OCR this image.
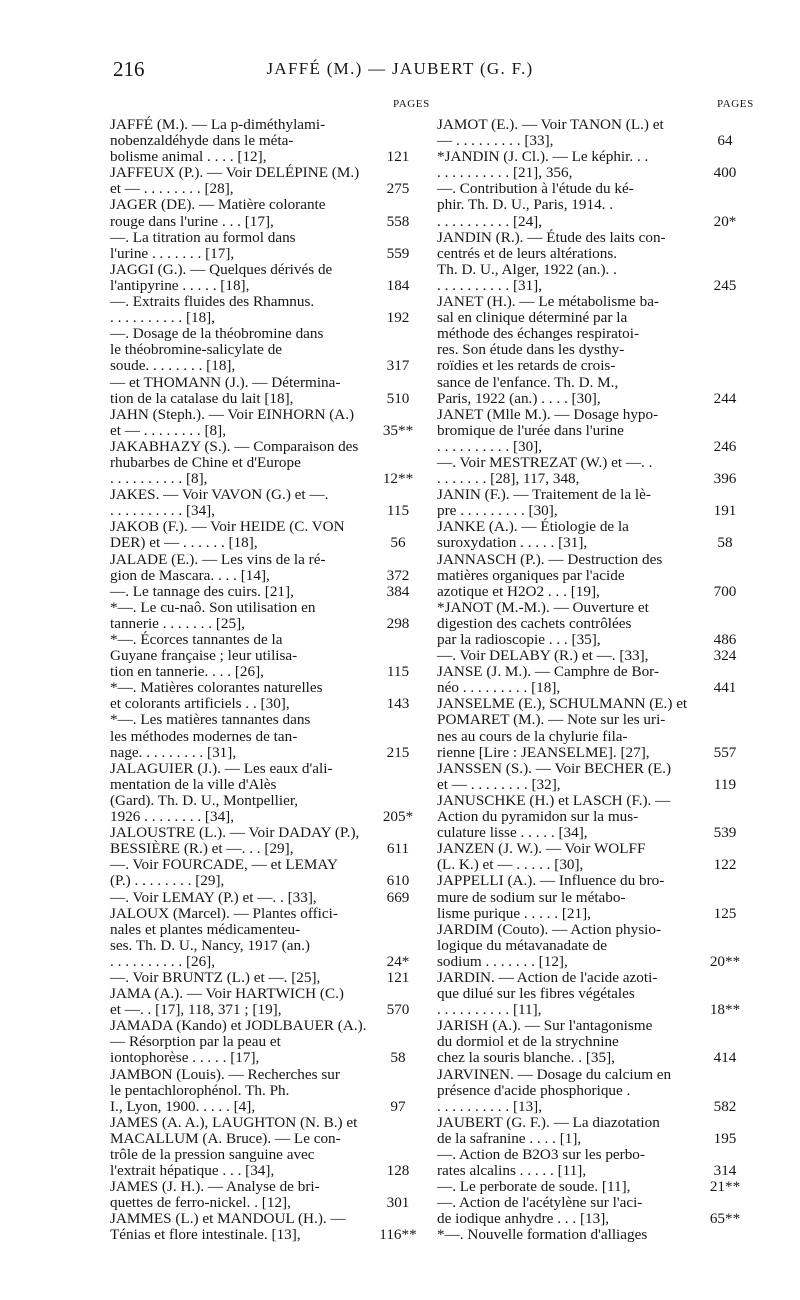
216	JAFFÉ (M.) — JAUBERT (G. F.)
PAGES	PAGES
JAFFÉ (M.). — La p-diméthylami-
nobenzaldéhyde dans le méta-
bolisme animal . . . . [12],	121
JAFFEUX (P.). — Voir DELÉPINE (M.)
et — . . . . . . . . [28],	275
JAGER (DE). — Matière colorante
rouge dans l'urine . . . [17],	558
—. La titration au formol dans
l'urine . . . . . . . [17],	559
JAGGI (G.). — Quelques dérivés de
l'antipyrine . . . . . [18],	184
—. Extraits fluides des Rhamnus.
. . . . . . . . . . [18],	192
—. Dosage de la théobromine dans
le théobromine-salicylate de
soude. . . . . . . . [18],	317
— et THOMANN (J.). — Détermina-
tion de la catalase du lait [18],	510
JAHN (Steph.). — Voir EINHORN (A.)
et — . . . . . . . . [8],	35**
JAKABHAZY (S.). — Comparaison des
rhubarbes de Chine et d'Europe
. . . . . . . . . . [8],	12**
JAKES. — Voir VAVON (G.) et —.
. . . . . . . . . . [34],	115
JAKOB (F.). — Voir HEIDE (C. VON
DER) et — . . . . . . [18],	56
JALADE (E.). — Les vins de la ré-
gion de Mascara. . . . [14],	372
—. Le tannage des cuirs. [21],	384
*—. Le cu-naô. Son utilisation en
tannerie . . . . . . . [25],	298
*—. Écorces tannantes de la
Guyane française ; leur utilisa-
tion en tannerie. . . . [26],	115
*—. Matières colorantes naturelles
et colorants artificiels . . [30],	143
*—. Les matières tannantes dans
les méthodes modernes de tan-
nage. . . . . . . . . [31],	215
JALAGUIER (J.). — Les eaux d'ali-
mentation de la ville d'Alès
(Gard). Th. D. U., Montpellier,
1926 . . . . . . . . [34],	205*
JALOUSTRE (L.). — Voir DADAY (P.),
BESSIÈRE (R.) et —. . . [29],	611
—. Voir FOURCADE, — et LEMAY
(P.) . . . . . . . . [29],	610
—. Voir LEMAY (P.) et —. . [33],	669
JALOUX (Marcel). — Plantes offici-
nales et plantes médicamenteu-
ses. Th. D. U., Nancy, 1917 (an.)
. . . . . . . . . . [26],	24*
—. Voir BRUNTZ (L.) et —. [25],	121
JAMA (A.). — Voir HARTWICH (C.)
et —. . [17], 118, 371 ; [19],	570
JAMADA (Kando) et JODLBAUER (A.).
— Résorption par la peau et
iontophorèse . . . . . [17],	58
JAMBON (Louis). — Recherches sur
le pentachlorophénol. Th. Ph.
I., Lyon, 1900. . . . . [4],	97
JAMES (A. A.), LAUGHTON (N. B.) et
MACALLUM (A. Bruce). — Le con-
trôle de la pression sanguine avec
l'extrait hépatique . . . [34],	128
JAMES (J. H.). — Analyse de bri-
quettes de ferro-nickel. . [12],	301
JAMMES (L.) et MANDOUL (H.). —
Ténias et flore intestinale. [13],	116**
JAMOT (E.). — Voir TANON (L.) et
— . . . . . . . . . [33],	64
*JANDIN (J. Cl.). — Le képhir. . .
. . . . . . . . . . [21], 356,	400
—. Contribution à l'étude du ké-
phir. Th. D. U., Paris, 1914. .
. . . . . . . . . . [24],	20*
JANDIN (R.). — Étude des laits con-
centrés et de leurs altérations.
Th. D. U., Alger, 1922 (an.). .
. . . . . . . . . . [31],	245
JANET (H.). — Le métabolisme ba-
sal en clinique déterminé par la
méthode des échanges respiratoi-
res. Son étude dans les dysthy-
roïdies et les retards de crois-
sance de l'enfance. Th. D. M.,
Paris, 1922 (an.) . . . . [30],	244
JANET (Mlle M.). — Dosage hypo-
bromique de l'urée dans l'urine
. . . . . . . . . . [30],	246
—. Voir MESTREZAT (W.) et —. .
. . . . . . . [28], 117, 348,	396
JANIN (F.). — Traitement de la lè-
pre . . . . . . . . . [30],	191
JANKE (A.). — Étiologie de la
suroxydation . . . . . [31],	58
JANNASCH (P.). — Destruction des
matières organiques par l'acide
azotique et H2O2 . . . [19],	700
*JANOT (M.-M.). — Ouverture et
digestion des cachets contrôlées
par la radioscopie . . . [35],	486
—. Voir DELABY (R.) et —. [33],	324
JANSE (J. M.). — Camphre de Bor-
néo . . . . . . . . . [18],	441
JANSELME (E.), SCHULMANN (E.) et
POMARET (M.). — Note sur les uri-
nes au cours de la chylurie fila-
rienne [Lire : JEANSELME]. [27],	557
JANSSEN (S.). — Voir BECHER (E.)
et — . . . . . . . . [32],	119
JANUSCHKE (H.) et LASCH (F.). —
Action du pyramidon sur la mus-
culature lisse . . . . . [34],	539
JANZEN (J. W.). — Voir WOLFF
(L. K.) et — . . . . . [30],	122
JAPPELLI (A.). — Influence du bro-
mure de sodium sur le métabo-
lisme purique . . . . . [21],	125
JARDIM (Couto). — Action physio-
logique du métavanadate de
sodium . . . . . . . [12],	20**
JARDIN. — Action de l'acide azoti-
que dilué sur les fibres végétales
. . . . . . . . . . [11],	18**
JARISH (A.). — Sur l'antagonisme
du dormiol et de la strychnine
chez la souris blanche. . [35],	414
JARVINEN. — Dosage du calcium en
présence d'acide phosphorique .
. . . . . . . . . . [13],	582
JAUBERT (G. F.). — La diazotation
de la safranine . . . . [1],	195
—. Action de B2O3 sur les perbo-
rates alcalins . . . . . [11],	314
—. Le perborate de soude. [11],	21**
—. Action de l'acétylène sur l'aci-
de iodique anhydre . . . [13],	65**
*—. Nouvelle formation d'alliages
